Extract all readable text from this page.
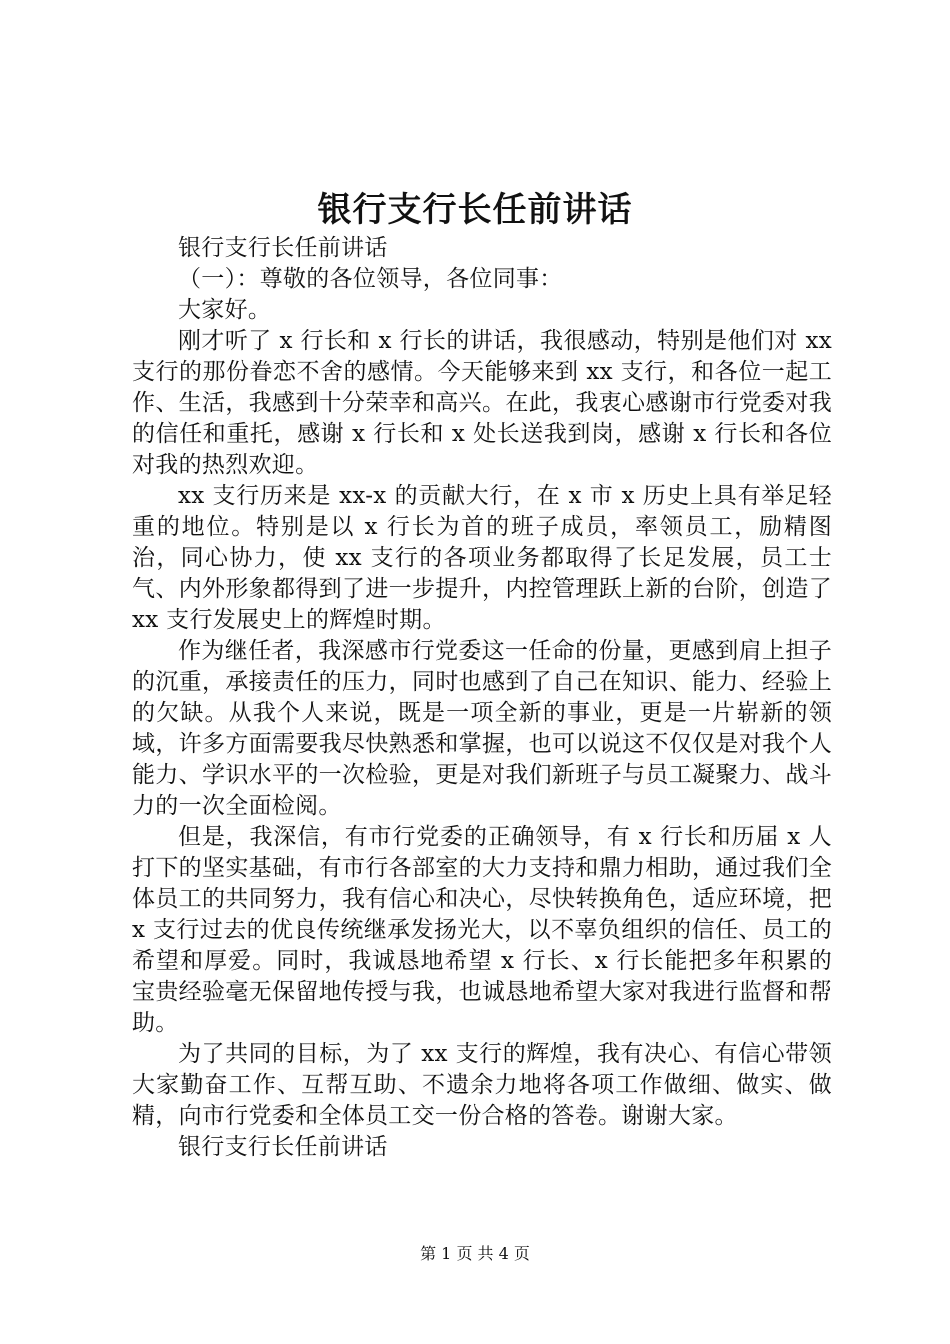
银行支行长任前讲话

银行支行长任前讲话

（一）：尊敬的各位领导，各位同事：

大家好。

刚才听了 x 行长和 x 行长的讲话，我很感动，特别是他们对 xx 支行的那份眷恋不舍的感情。今天能够来到 xx 支行，和各位一起工作、生活，我感到十分荣幸和高兴。在此，我衷心感谢市行党委对我的信任和重托，感谢 x 行长和 x 处长送我到岗，感谢 x 行长和各位对我的热烈欢迎。

xx 支行历来是 xx-x 的贡献大行，在 x 市 x 历史上具有举足轻重的地位。特别是以 x 行长为首的班子成员，率领员工，励精图治，同心协力，使 xx 支行的各项业务都取得了长足发展，员工士气、内外形象都得到了进一步提升，内控管理跃上新的台阶，创造了 xx 支行发展史上的辉煌时期。

作为继任者，我深感市行党委这一任命的份量，更感到肩上担子的沉重，承接责任的压力，同时也感到了自己在知识、能力、经验上的欠缺。从我个人来说，既是一项全新的事业，更是一片崭新的领域，许多方面需要我尽快熟悉和掌握，也可以说这不仅仅是对我个人能力、学识水平的一次检验，更是对我们新班子与员工凝聚力、战斗力的一次全面检阅。

但是，我深信，有市行党委的正确领导，有 x 行长和历届 x 人打下的坚实基础，有市行各部室的大力支持和鼎力相助，通过我们全体员工的共同努力，我有信心和决心，尽快转换角色，适应环境，把 x 支行过去的优良传统继承发扬光大，以不辜负组织的信任、员工的希望和厚爱。同时，我诚恳地希望 x 行长、x 行长能把多年积累的宝贵经验毫无保留地传授与我，也诚恳地希望大家对我进行监督和帮助。

为了共同的目标，为了 xx 支行的辉煌，我有决心、有信心带领大家勤奋工作、互帮互助、不遗余力地将各项工作做细、做实、做精，向市行党委和全体员工交一份合格的答卷。谢谢大家。

银行支行长任前讲话

第 1 页 共 4 页
